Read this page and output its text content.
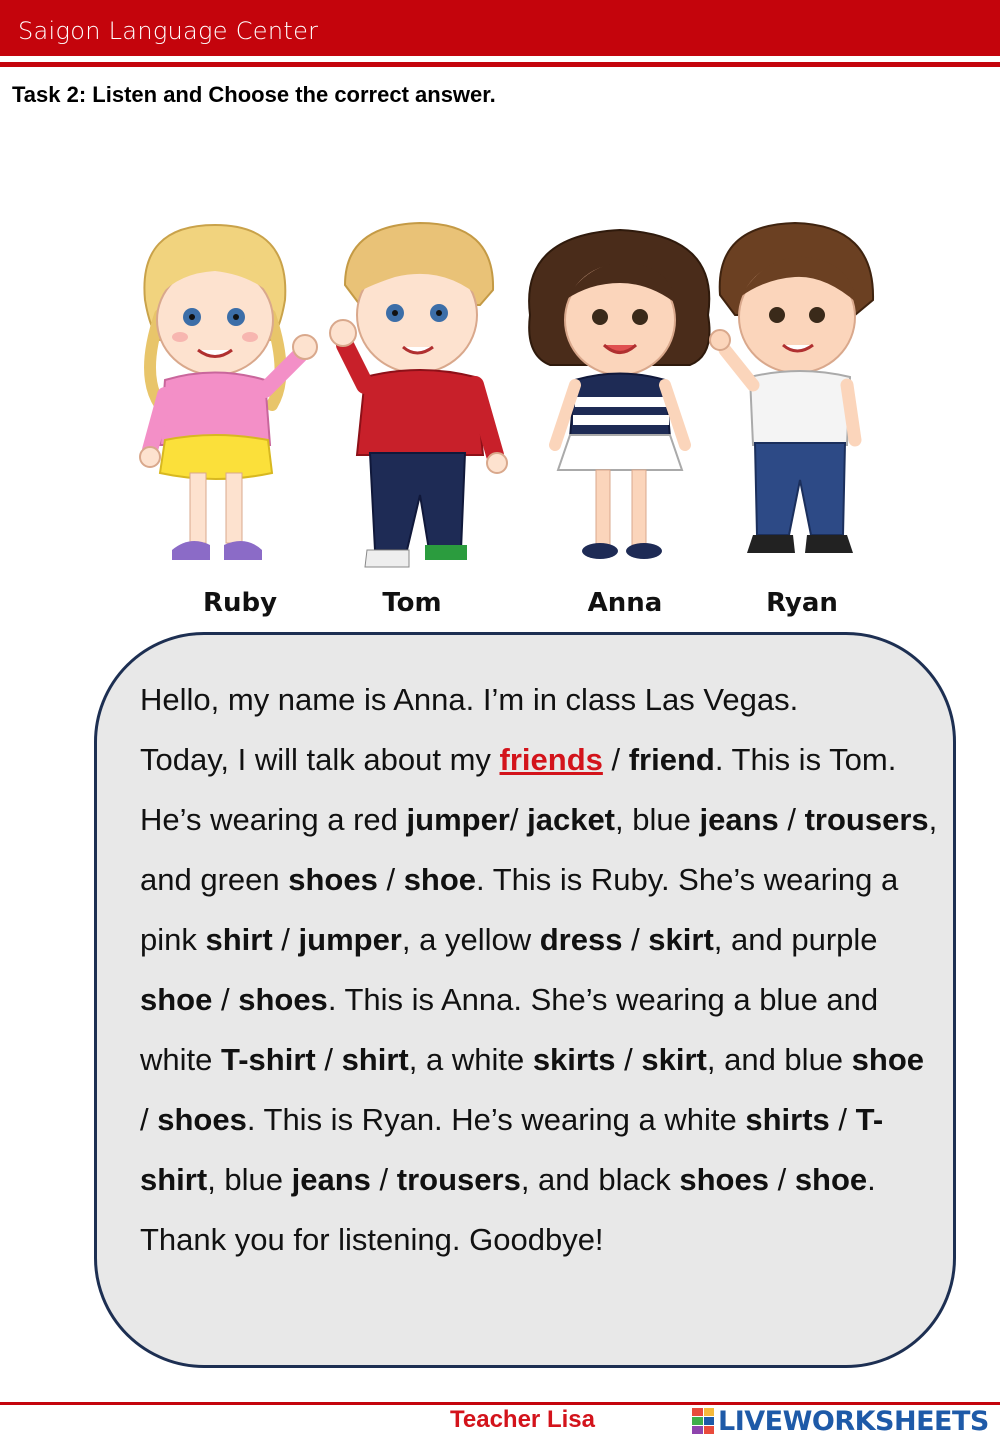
Saigon Language Center
Task 2: Listen and Choose the correct answer.
Ruby	Tom	Anna	Ryan
Hello, my name is Anna. I’m in class Las Vegas.
Today, I will talk about my friends / friend. This is Tom. He’s wearing a red jumper/ jacket, blue jeans / trousers, and green shoes / shoe. This is Ruby. She’s wearing a pink shirt / jumper, a yellow dress / skirt, and purple shoe / shoes. This is Anna. She’s wearing a blue and white T-shirt / shirt, a white skirts / skirt, and blue shoe / shoes. This is Ryan. He’s wearing a white shirts / T-shirt, blue jeans / trousers, and black shoes / shoe. Thank you for listening. Goodbye!
Teacher Lisa	LIVEWORKSHEETS
